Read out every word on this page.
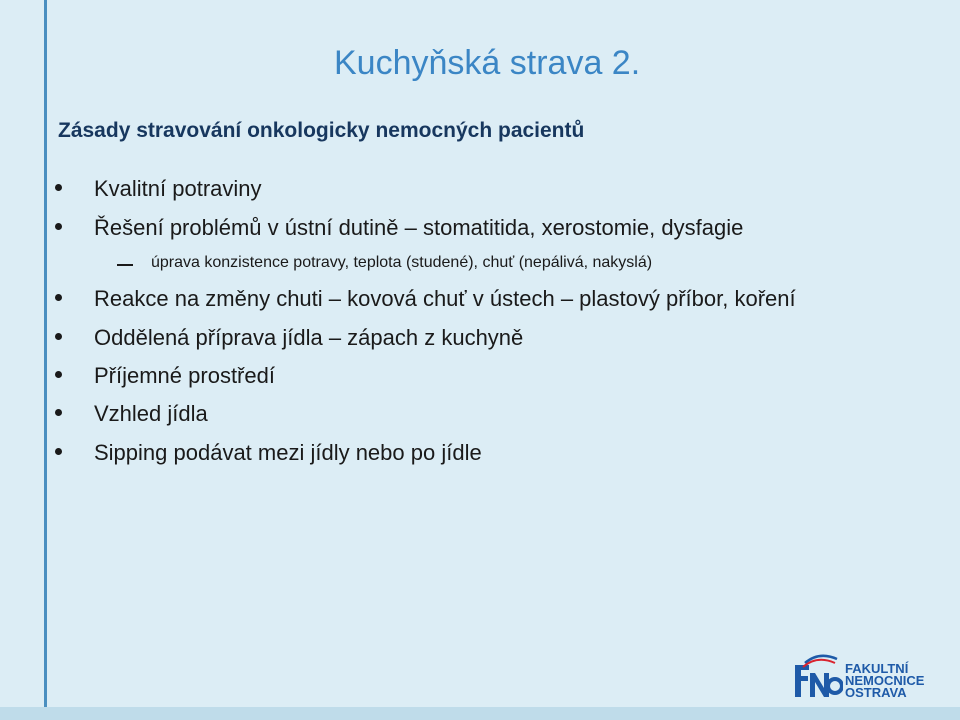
Kuchyňská strava 2.
Zásady stravování onkologicky nemocných pacientů
Kvalitní potraviny
Řešení problémů v ústní dutině – stomatitida, xerostomie, dysfagie
úprava konzistence potravy, teplota (studené), chuť (nepálivá, nakyslá)
Reakce na změny chuti – kovová chuť v ústech – plastový příbor, koření
Oddělená příprava jídla – zápach z kuchyně
Příjemné prostředí
Vzhled jídla
Sipping podávat mezi jídly nebo po jídle
FAKULTNÍ
NEMOCNICE
OSTRAVA
